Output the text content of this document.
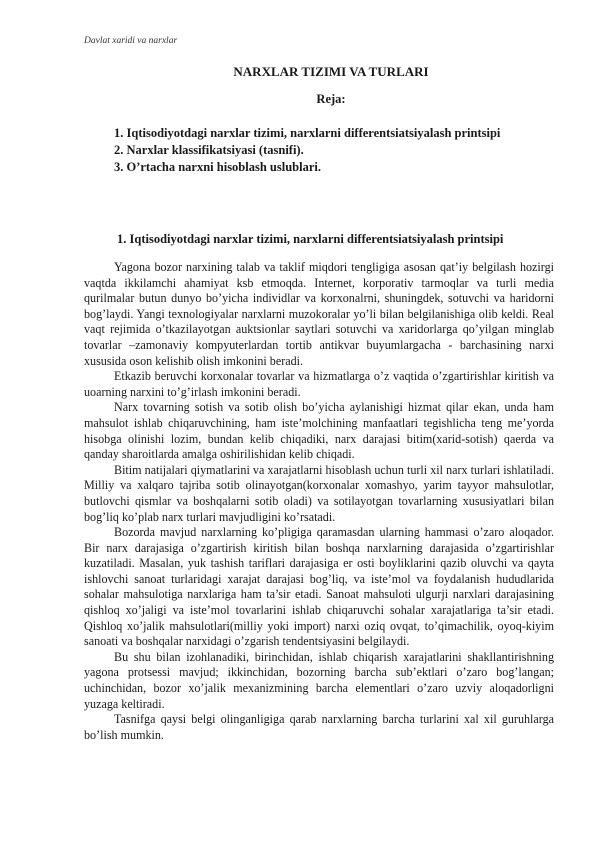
Davlat xaridi va narxlar
NARXLAR TIZIMI VA TURLARI
Reja:
1. Iqtisodiyotdagi narxlar tizimi, narxlarni differentsiatsiyalash printsipi
2. Narxlar klassifikatsiyasi (tasnifi).
3. O’rtacha narxni hisoblash uslublari.
1. Iqtisodiyotdagi narxlar tizimi, narxlarni differentsiatsiyalash printsipi

Yagona bozor narxining talab va taklif miqdori tengligiga asosan qat’iy belgilash hozirgi vaqtda ikkilamchi ahamiyat ksb etmoqda. Internet, korporativ tarmoqlar va turli media qurilmalar butun dunyo bo’yicha individlar va korxonalrni, shuningdek, sotuvchi va haridorni bog’laydi. Yangi texnologiyalar narxlarni muzokoralar yo’li bilan belgilanishiga olib keldi. Real vaqt rejimida o’tkazilayotgan auktsionlar saytlari sotuvchi va xaridorlarga qo’yilgan minglab tovarlar –zamonaviy kompyuterlardan tortib antikvar buyumlargacha - barchasining narxi xususida oson kelishib olish imkonini beradi.

Etkazib beruvchi korxonalar tovarlar va hizmatlarga o’z vaqtida o’zgartirishlar kiritish va uoarning narxini to’g’irlash imkonini beradi.

Narx tovarning sotish va sotib olish bo’yicha aylanishigi hizmat qilar ekan, unda ham mahsulot ishlab chiqaruvchining, ham iste’molchining manfaatlari tegishlicha teng me’yorda hisobga olinishi lozim, bundan kelib chiqadiki, narx darajasi bitim(xarid-sotish) qaerda va qanday sharoitlarda amalga oshirilishidan kelib chiqadi.

Bitim natijalari qiymatlarini va xarajatlarni hisoblash uchun turli xil narx turlari ishlatiladi. Milliy va xalqaro tajriba sotib olinayotgan(korxonalar xomashyo, yarim tayyor mahsulotlar, butlovchi qismlar va boshqalarni sotib oladi) va sotilayotgan tovarlarning xususiyatlari bilan bog’liq ko’plab narx turlari mavjudligini ko’rsatadi.

Bozorda mavjud narxlarning ko’pligiga qaramasdan ularning hammasi o’zaro aloqador. Bir narx darajasiga o’zgartirish kiritish bilan boshqa narxlarning darajasida o’zgartirishlar kuzatiladi. Masalan, yuk tashish tariflari darajasiga er osti boyliklarini qazib oluvchi va qayta ishlovchi sanoat turlaridagi xarajat darajasi bog’liq, va iste’mol va foydalanish hududlarida sohalar mahsulotiga narxlariga ham ta’sir etadi. Sanoat mahsuloti ulgurji narxlari darajasining qishloq xo’jaligi va iste’mol tovarlarini ishlab chiqaruvchi sohalar xarajatlariga ta’sir etadi. Qishloq xo’jalik mahsulotlari(milliy yoki import) narxi oziq ovqat, to’qimachilik, oyoq-kiyim sanoati va boshqalar narxidagi o’zgarish tendentsiyasini belgilaydi.

Bu shu bilan izohlanadiki, birinchidan, ishlab chiqarish xarajatlarini shakllantirishning yagona protsessi mavjud; ikkinchidan, bozorning barcha sub’ektlari o’zaro bog’langan; uchinchidan, bozor xo’jalik mexanizmining barcha elementlari o’zaro uzviy aloqadorligni yuzaga keltiradi.

Tasnifga qaysi belgi olinganligiga qarab narxlarning barcha turlarini xal xil guruhlarga bo’lish mumkin.
